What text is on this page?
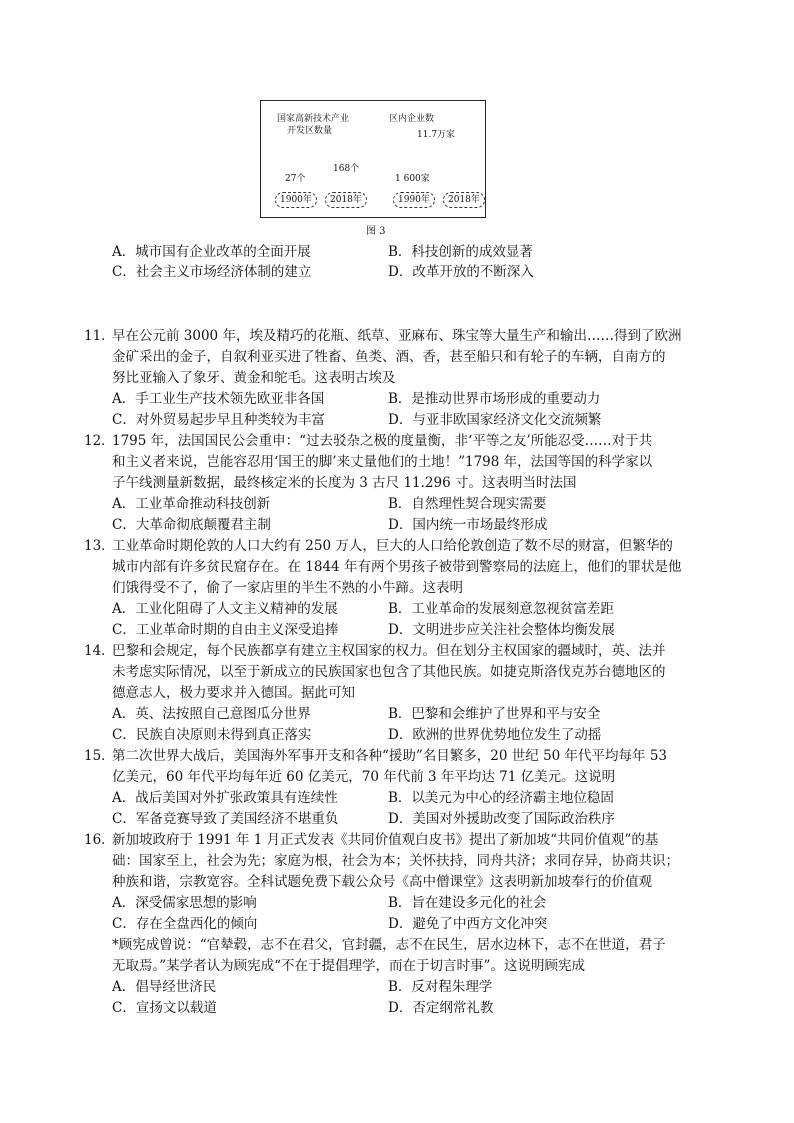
国家高新技术产业
开发区数量
区内企业数
11.7万家
168个
27个	1 600家
1900年	2018年	1990年	2018年
图 3
A．城市国有企业改革的全面开展	B．科技创新的成效显著
C．社会主义市场经济体制的建立	D．改革开放的不断深入
11．早在公元前 3000 年，埃及精巧的花瓶、纸草、亚麻布、珠宝等大量生产和输出……得到了欧洲
金矿采出的金子，自叙利亚买进了牲畜、鱼类、酒、香，甚至船只和有轮子的车辆，自南方的
努比亚输入了象牙、黄金和鸵毛。这表明古埃及
A．手工业生产技术领先欧亚非各国	B．是推动世界市场形成的重要动力
C．对外贸易起步早且种类较为丰富	D．与亚非欧国家经济文化交流频繁
12．1795 年，法国国民公会重申：“过去驳杂之极的度量衡，非‘平等之友’所能忍受……对于共
和主义者来说，岂能容忍用‘国王的脚’来丈量他们的土地！”1798 年，法国等国的科学家以
子午线测量新数据，最终核定米的长度为 3 古尺 11.296 寸。这表明当时法国
A．工业革命推动科技创新	B．自然理性契合现实需要
C．大革命彻底颠覆君主制	D．国内统一市场最终形成
13．工业革命时期伦敦的人口大约有 250 万人，巨大的人口给伦敦创造了数不尽的财富，但繁华的
城市内部有许多贫民窟存在。在 1844 年有两个男孩子被带到警察局的法庭上，他们的罪状是他
们饿得受不了，偷了一家店里的半生不熟的小牛蹄。这表明
A．工业化阻碍了人文主义精神的发展	B．工业革命的发展刻意忽视贫富差距
C．工业革命时期的自由主义深受追捧	D．文明进步应关注社会整体均衡发展
14．巴黎和会规定，每个民族都享有建立主权国家的权力。但在划分主权国家的疆域时，英、法并
未考虑实际情况，以至于新成立的民族国家也包含了其他民族。如捷克斯洛伐克苏台德地区的
德意志人，极力要求并入德国。据此可知
A．英、法按照自己意图瓜分世界	B．巴黎和会维护了世界和平与安全
C．民族自决原则未得到真正落实	D．欧洲的世界优势地位发生了动摇
15．第二次世界大战后，美国海外军事开支和各种“援助”名目繁多，20 世纪 50 年代平均每年 53
亿美元，60 年代平均每年近 60 亿美元，70 年代前 3 年平均达 71 亿美元。这说明
A．战后美国对外扩张政策具有连续性	B．以美元为中心的经济霸主地位稳固
C．军备竞赛导致了美国经济不堪重负	D．美国对外援助改变了国际政治秩序
16．新加坡政府于 1991 年 1 月正式发表《共同价值观白皮书》提出了新加坡“共同价值观”的基
础：国家至上，社会为先；家庭为根，社会为本；关怀扶持，同舟共济；求同存异，协商共识；
种族和谐，宗教宽容。全科试题免费下载公众号《高中僧课堂》这表明新加坡奉行的价值观
A．深受儒家思想的影响	B．旨在建设多元化的社会
C．存在全盘西化的倾向	D．避免了中西方文化冲突
*顾宪成曾说：“官辇毂，志不在君父，官封疆，志不在民生，居水边林下，志不在世道，君子
无取焉。”某学者认为顾宪成“不在于提倡理学，而在于切言时事”。这说明顾宪成
A．倡导经世济民	B．反对程朱理学
C．宣扬文以载道	D．否定纲常礼教
